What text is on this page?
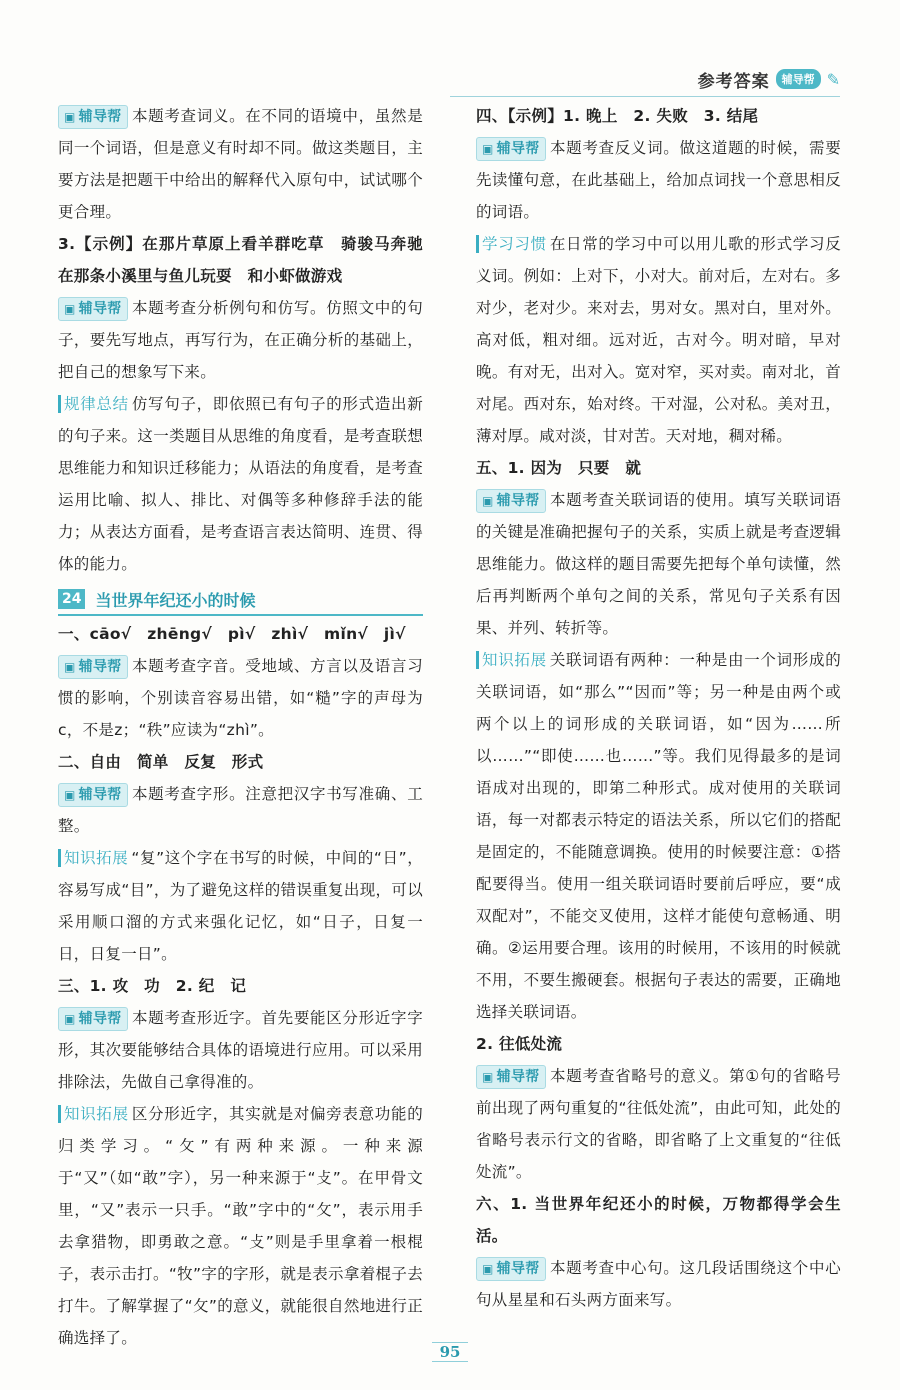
参考答案	辅导帮 ✎

▣ 辅导帮 本题考查词义。在不同的语境中，虽然是同一个词语，但是意义有时却不同。做这类题目，主要方法是把题干中给出的解释代入原句中，试试哪个更合理。

3.【示例】在那片草原上看羊群吃草　骑骏马奔驰　在那条小溪里与鱼儿玩耍　和小虾做游戏

▣ 辅导帮 本题考查分析例句和仿写。仿照文中的句子，要先写地点，再写行为，在正确分析的基础上，把自己的想象写下来。

规律总结 仿写句子，即依照已有句子的形式造出新的句子来。这一类题目从思维的角度看，是考查联想思维能力和知识迁移能力；从语法的角度看，是考查运用比喻、拟人、排比、对偶等多种修辞手法的能力；从表达方面看，是考查语言表达简明、连贯、得体的能力。

24 当世界年纪还小的时候

一、cāo√　zhēng√　pì√　zhì√　mǐn√　jì√

▣ 辅导帮 本题考查字音。受地域、方言以及语言习惯的影响，个别读音容易出错，如“糙”字的声母为c，不是z；“秩”应读为“zhì”。

二、自由　简单　反复　形式

▣ 辅导帮 本题考查字形。注意把汉字书写准确、工整。

知识拓展 “复”这个字在书写的时候，中间的“日”，容易写成“目”，为了避免这样的错误重复出现，可以采用顺口溜的方式来强化记忆，如“日子，日复一日，日复一日”。

三、1. 攻　功　2. 纪　记

▣ 辅导帮 本题考查形近字。首先要能区分形近字字形，其次要能够结合具体的语境进行应用。可以采用排除法，先做自己拿得准的。

知识拓展 区分形近字，其实就是对偏旁表意功能的归类学习。“攵”有两种来源。一种来源于“又”（如“敢”字），另一种来源于“攴”。在甲骨文里，“又”表示一只手。“敢”字中的“攵”，表示用手去拿猎物，即勇敢之意。“攴”则是手里拿着一根棍子，表示击打。“牧”字的字形，就是表示拿着棍子去打牛。了解掌握了“攵”的意义，就能很自然地进行正确选择了。

四、【示例】1. 晚上　2. 失败　3. 结尾

▣ 辅导帮 本题考查反义词。做这道题的时候，需要先读懂句意，在此基础上，给加点词找一个意思相反的词语。

学习习惯 在日常的学习中可以用儿歌的形式学习反义词。例如：上对下，小对大。前对后，左对右。多对少，老对少。来对去，男对女。黑对白，里对外。高对低，粗对细。远对近，古对今。明对暗，早对晚。有对无，出对入。宽对窄，买对卖。南对北，首对尾。西对东，始对终。干对湿，公对私。美对丑，薄对厚。咸对淡，甘对苦。天对地，稠对稀。

五、1. 因为　只要　就

▣ 辅导帮 本题考查关联词语的使用。填写关联词语的关键是准确把握句子的关系，实质上就是考查逻辑思维能力。做这样的题目需要先把每个单句读懂，然后再判断两个单句之间的关系，常见句子关系有因果、并列、转折等。

知识拓展 关联词语有两种：一种是由一个词形成的关联词语，如“那么”“因而”等；另一种是由两个或两个以上的词形成的关联词语，如“因为……所以……”“即使……也……”等。我们见得最多的是词语成对出现的，即第二种形式。成对使用的关联词语，每一对都表示特定的语法关系，所以它们的搭配是固定的，不能随意调换。使用的时候要注意：①搭配要得当。使用一组关联词语时要前后呼应，要“成双配对”，不能交叉使用，这样才能使句意畅通、明确。②运用要合理。该用的时候用，不该用的时候就不用，不要生搬硬套。根据句子表达的需要，正确地选择关联词语。

2. 往低处流

▣ 辅导帮 本题考查省略号的意义。第①句的省略号前出现了两句重复的“往低处流”，由此可知，此处的省略号表示行文的省略，即省略了上文重复的“往低处流”。

六、1. 当世界年纪还小的时候，万物都得学会生活。

▣ 辅导帮 本题考查中心句。这几段话围绕这个中心句从星星和石头两方面来写。

95
